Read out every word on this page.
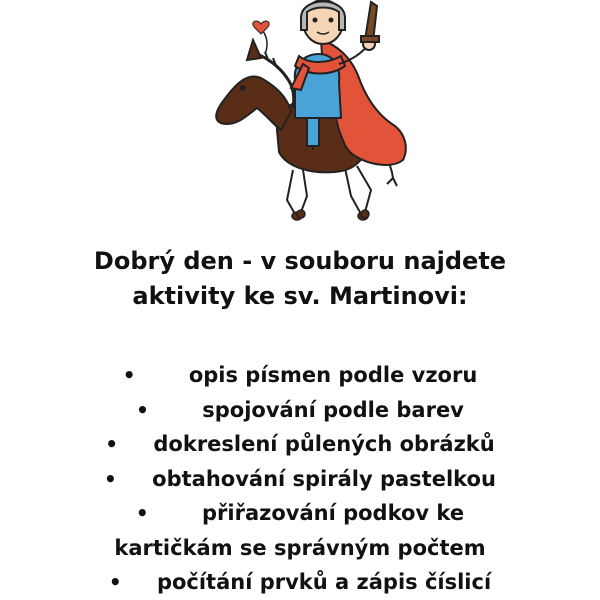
Dobrý den - v souboru najdete
aktivity ke sv. Martinovi:
•	opis písmen podle vzoru
•	spojování podle barev
• dokreslení půlených obrázků
• obtahování spirály pastelkou
•	přiřazování podkov ke
kartičkám se správným počtem
• počítání prvků a zápis číslicí
